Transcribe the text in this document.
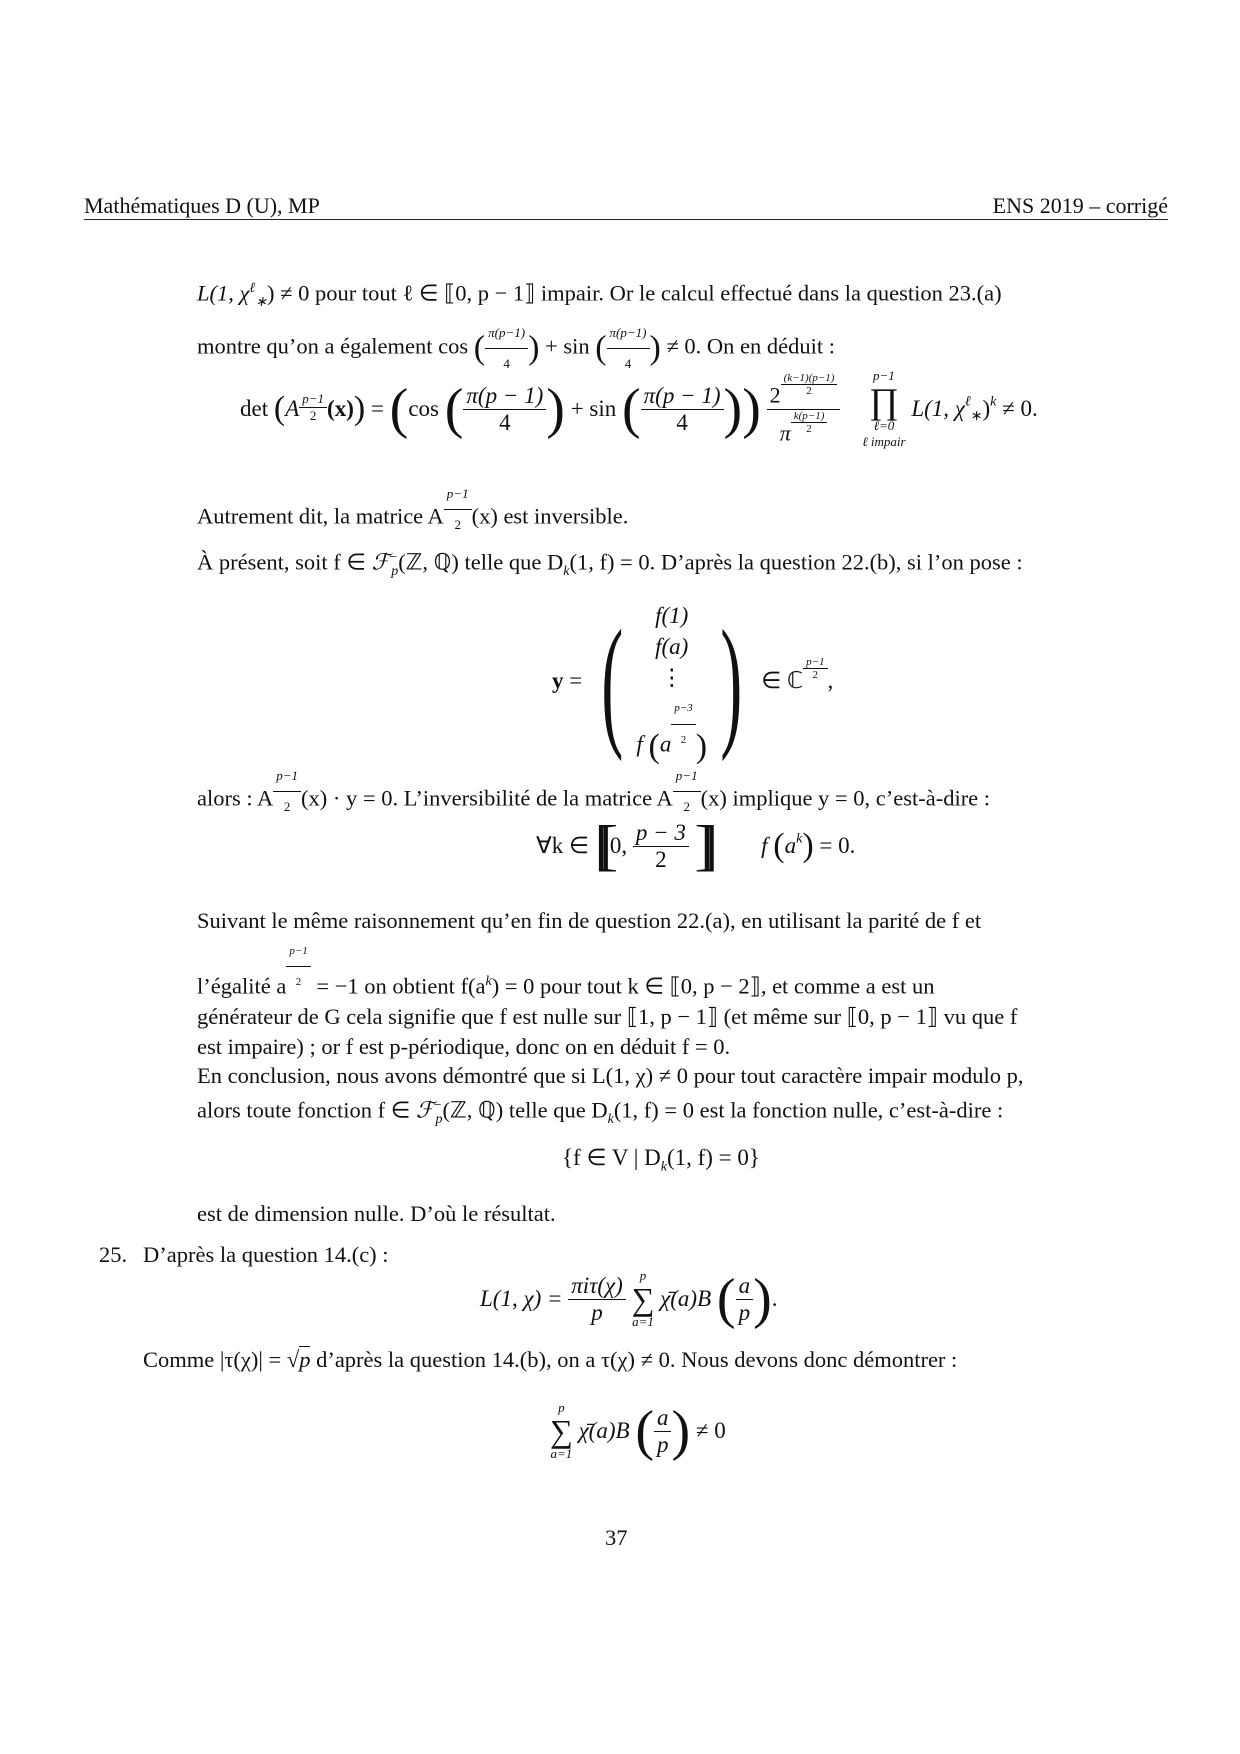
Mathématiques D (U), MP	ENS 2019 – corrigé

L(1, $\chi^\ell_∗) \ne 0$ pour tout ℓ ∈ ⟦0, p − 1⟧ impair. Or le calcul effectué dans la question 23.(a)

montre qu’on a également cos ( $\frac{\pi(p-1)}{4}$ ) + sin ( $\frac{\pi(p-1)}{4}$ ) ≠ 0. On en déduit :

$\det (A \frac{p-1}{2} (x)) = (\cos$ ( $\frac{\pi(p - 1)}{4}$ ) + sin ( $\frac{\pi(p - 1)}{4}$ )) $\frac{2 \frac{(k-1)(p-1)}{2}}{\pi \frac{k(p-1)}{2}}$
	p−1
∏
ℓ=0
ℓ impair
L(1, $\chi^\ell_∗)^k \ne 0$.
Autrement dit, la matrice A $\frac{p-1}{2} (x)$ est inversible.
À présent, soit f ∈ ℱ−$_p$(ℤ, ℚ) telle que $D_k(1$, f) = 0. D’après la question 22.(b), si l’on pose :
y = (	f(1)
f(a)
⋮
f ($a \frac{p-3}{2}$ ) ) ∈ ℂ $\frac{p-1}{2}$ ,
alors : A $\frac{p-1}{2} (x) \cdot y = 0$. L’inversibilité de la matrice A $\frac{p-1}{2} (x)$ implique y = 0, c’est-à-dire :
∀k ∈ [[ 0, $\frac{p - 3}{2}$ ]], f $(a^k) = 0$.

Suivant le même raisonnement qu’en fin de question 22.(a), en utilisant la parité de f et

l’égalité a $\frac{p-1}{2} = -1$ on obtient $f(a^k) = 0$ pour tout k ∈ ⟦0, p − 2⟧, et comme a est un

générateur de G cela signifie que f est nulle sur ⟦1, p − 1⟧ (et même sur ⟦0, p − 1⟧ vu que f

est impaire) ; or f est p-périodique, donc on en déduit f = 0.

En conclusion, nous avons démontré que si L(1, χ) ≠ 0 pour tout caractère impair modulo p,

alors toute fonction f ∈ ℱ−$_p$(ℤ, ℚ) telle que $D_k(1$, f) = 0 est la fonction nulle, c’est-à-dire :

{f ∈ V | $D_k(1$, f) = 0}
est de dimension nulle. D’où le résultat.
25. D’après la question 14.(c) :
L(1, $\chi) = \frac{\text{πiτ(χ)}}{p}$
	p
∑
a=1
χ̄(a)B ( $\frac{a}{p}$ ).
Comme |τ(χ)| = √p d’après la question 14.(b), on a τ(χ) ≠ 0. Nous devons donc démontrer :
p
∑
a=1
χ̄(a)B ( $\frac{a}{p}$ ) ≠ 0
37
